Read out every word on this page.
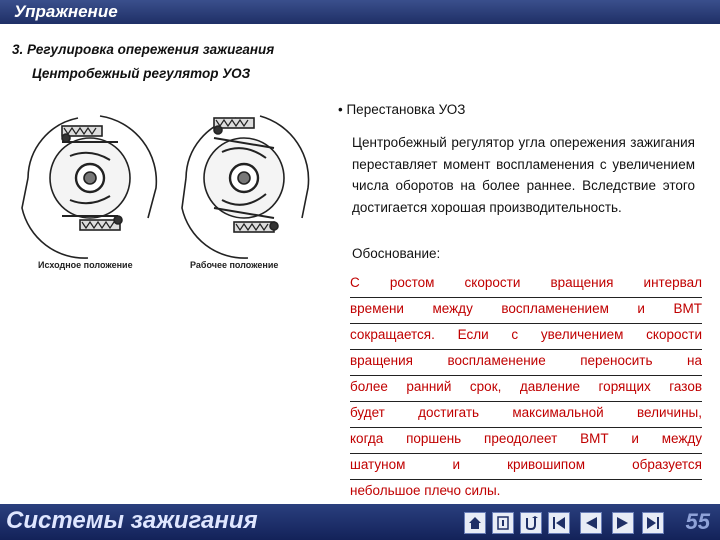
Упражнение
3. Регулировка опережения зажигания
Центробежный регулятор УОЗ
Исходное положение	Рабочее положение
• Перестановка УОЗ
Центробежный регулятор угла опережения зажигания переставляет момент воспламенения с увеличением числа оборотов на более раннее. Вследствие этого достигается хорошая производительность.
Обоснование:
С ростом скорости вращения интервал
времени между воспламенением и ВМТ
сокращается. Если с увеличением скорости
вращения воспламенение переносить на
более ранний срок, давление горящих газов
будет достигать максимальной величины,
когда поршень преодолеет ВМТ и между
шатуном и кривошипом образуется
небольшое плечо силы.
Системы зажигания	55
